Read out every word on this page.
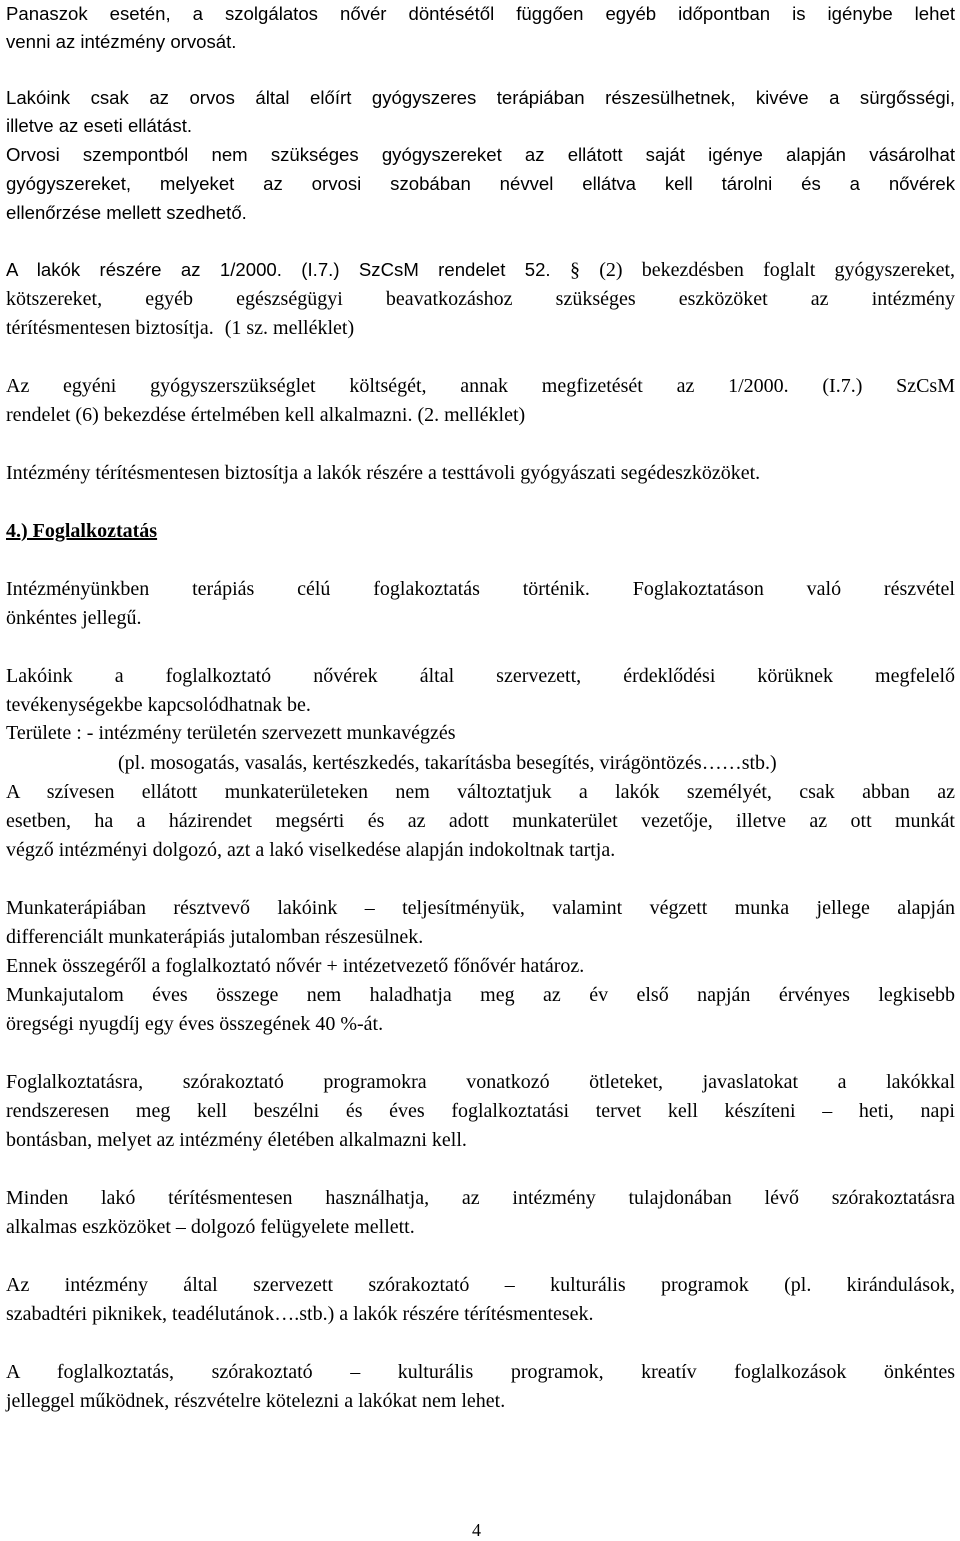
Panaszok esetén, a szolgálatos nővér döntésétől függően egyéb időpontban is igénybe lehet
venni az intézmény orvosát.
Lakóink csak az orvos által előírt gyógyszeres terápiában részesülhetnek, kivéve a sürgősségi,
illetve az eseti ellátást.
Orvosi szempontból nem szükséges gyógyszereket az ellátott saját igénye alapján vásárolhat
gyógyszereket, melyeket az orvosi szobában névvel ellátva kell tárolni és a nővérek
ellenőrzése mellett szedhető.
A lakók részére az 1/2000. (I.7.) SzCsM rendelet 52. § (2) bekezdésben foglalt gyógyszereket,
kötszereket, egyéb egészségügyi beavatkozáshoz szükséges eszközöket az intézmény
térítésmentesen biztosítja. (1 sz. melléklet)
Az egyéni gyógyszerszükséglet költségét, annak megfizetését az 1/2000. (I.7.) SzCsM
rendelet (6) bekezdése értelmében kell alkalmazni. (2. melléklet)
Intézmény térítésmentesen biztosítja a lakók részére a testtávoli gyógyászati segédeszközöket.
4.) Foglalkoztatás
Intézményünkben terápiás célú foglakoztatás történik. Foglakoztatáson való részvétel
önkéntes jellegű.
Lakóink a foglalkoztató nővérek által szervezett, érdeklődési körüknek megfelelő
tevékenységekbe kapcsolódhatnak be.
Területe : - intézmény területén szervezett munkavégzés
(pl. mosogatás, vasalás, kertészkedés, takarításba besegítés, virágöntözés……stb.)
A szívesen ellátott munkaterületeken nem változtatjuk a lakók személyét, csak abban az
esetben, ha a házirendet megsérti és az adott munkaterület vezetője, illetve az ott munkát
végző intézményi dolgozó, azt a lakó viselkedése alapján indokoltnak tartja.
Munkaterápiában résztvevő lakóink – teljesítményük, valamint végzett munka jellege alapján
differenciált munkaterápiás jutalomban részesülnek.
Ennek összegéről a foglalkoztató nővér + intézetvezető főnővér határoz.
Munkajutalom éves összege nem haladhatja meg az év első napján érvényes legkisebb
öregségi nyugdíj egy éves összegének 40 %-át.
Foglalkoztatásra, szórakoztató programokra vonatkozó ötleteket, javaslatokat a lakókkal
rendszeresen meg kell beszélni és éves foglalkoztatási tervet kell készíteni – heti, napi
bontásban, melyet az intézmény életében alkalmazni kell.
Minden lakó térítésmentesen használhatja, az intézmény tulajdonában lévő szórakoztatásra
alkalmas eszközöket – dolgozó felügyelete mellett.
Az intézmény által szervezett szórakoztató – kulturális programok (pl. kirándulások,
szabadtéri piknikek, teadélutánok….stb.) a lakók részére térítésmentesek.
A foglalkoztatás, szórakoztató – kulturális programok, kreatív foglalkozások önkéntes
jelleggel működnek, részvételre kötelezni a lakókat nem lehet.
4
